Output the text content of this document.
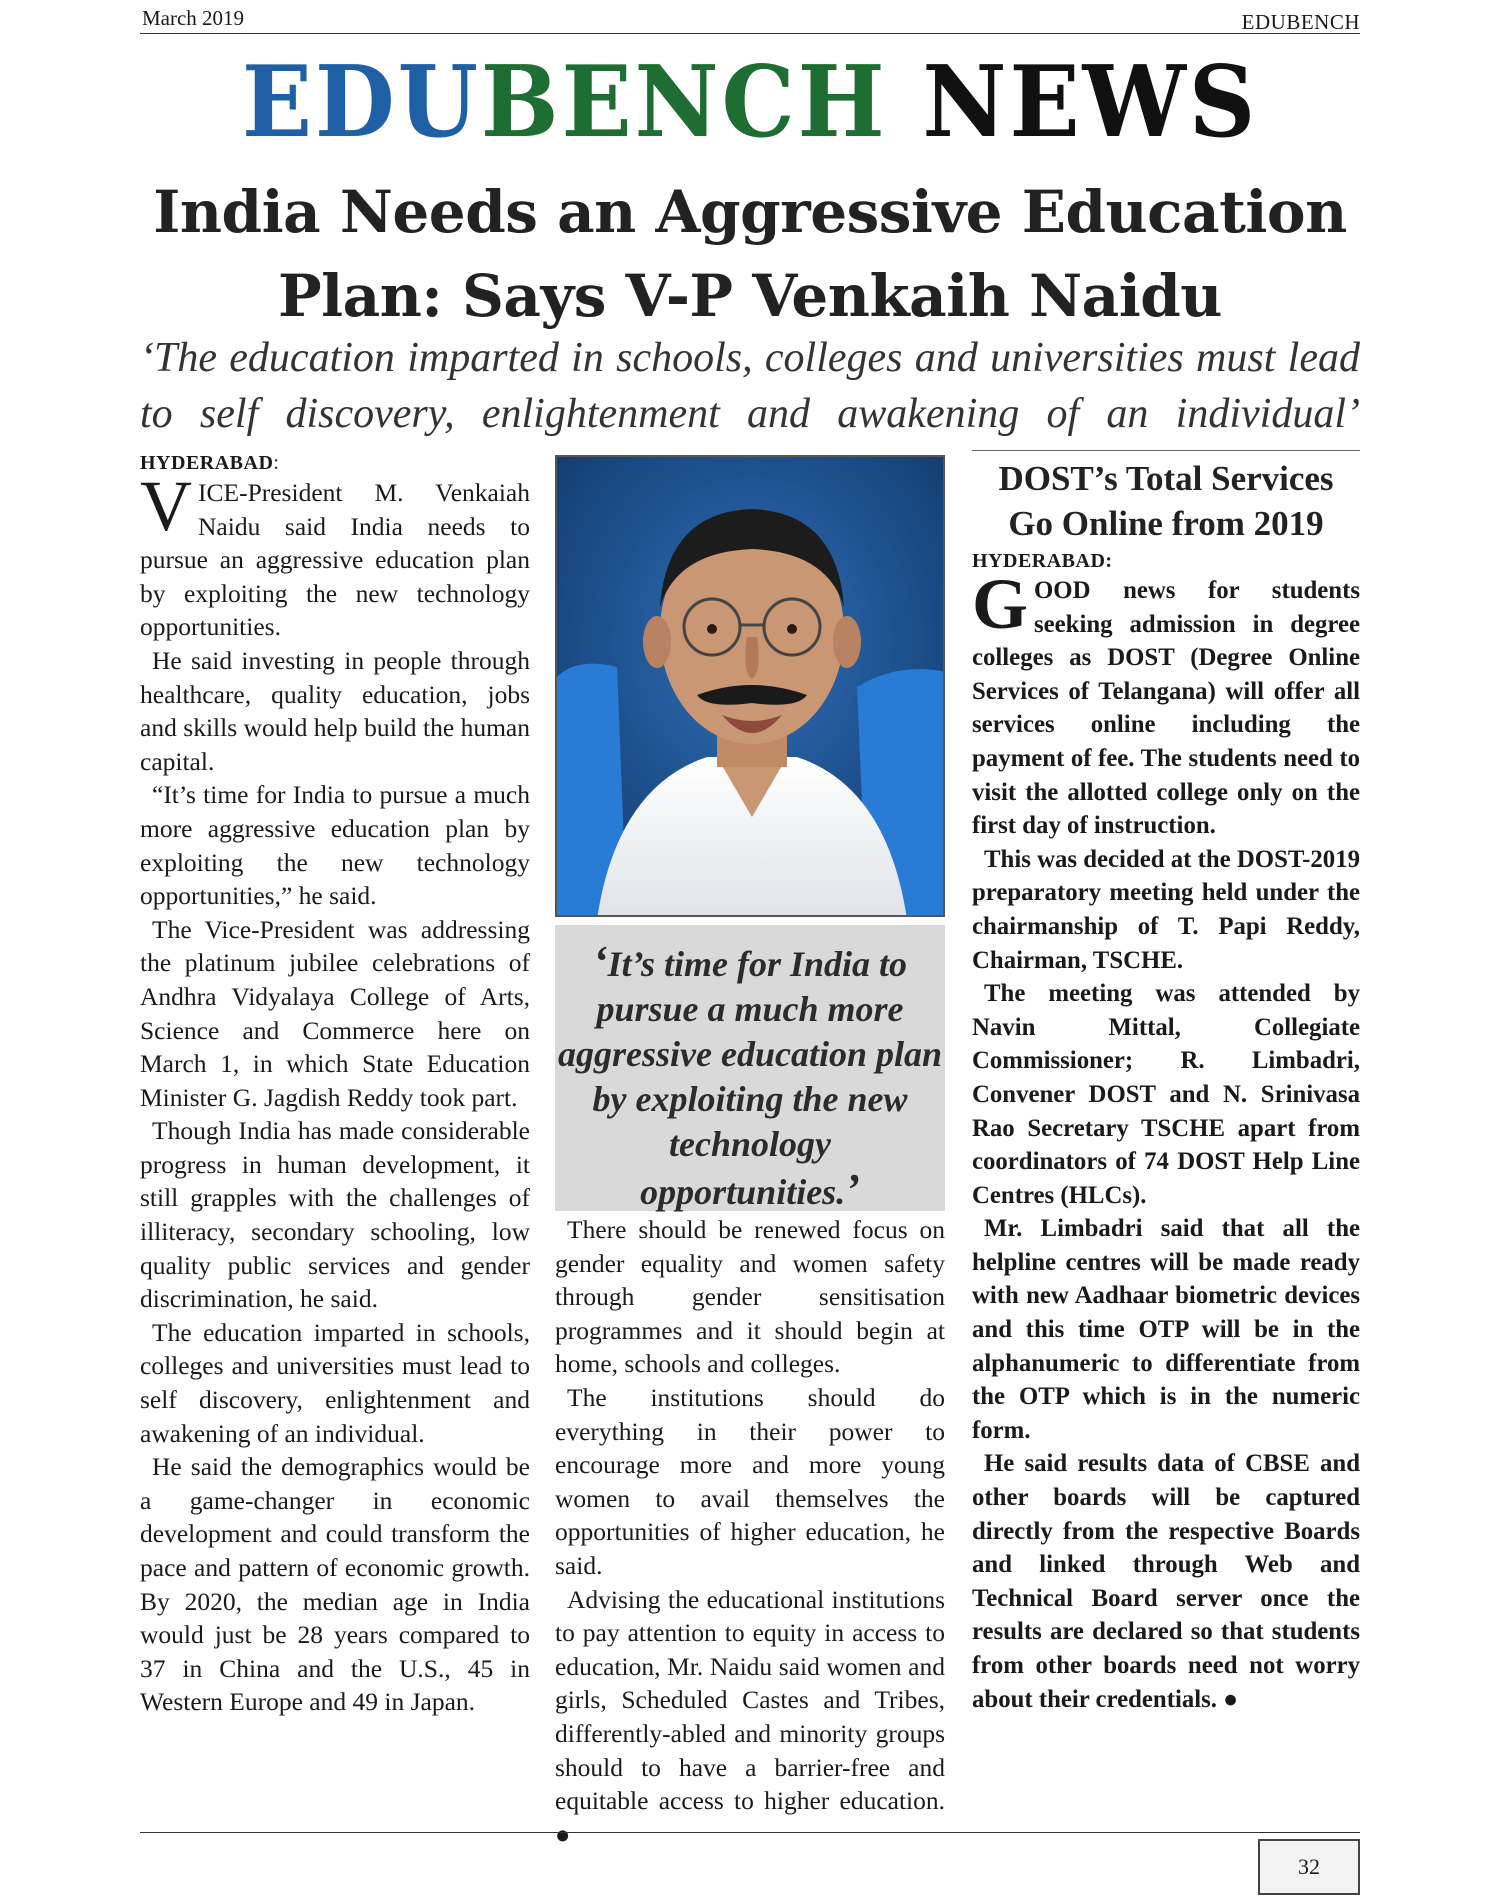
March 2019	EDUBENCH
EDUBENCH NEWS
India Needs an Aggressive Education
Plan: Says V-P Venkaih Naidu
‘The education imparted in schools, colleges and universities must lead to self discovery, enlightenment and awakening of an individual’
HYDERABAD:

VICE-President M. Venkaiah Naidu said India needs to pursue an aggressive education plan by exploiting the new technology opportunities.

He said investing in people through healthcare, quality education, jobs and skills would help build the human capital.

“It’s time for India to pursue a much more aggressive education plan by exploiting the new technology opportunities,” he said.

The Vice-President was addressing the platinum jubilee celebrations of Andhra Vidyalaya College of Arts, Science and Commerce here on March 1, in which State Education Minister G. Jagdish Reddy took part.

Though India has made considerable progress in human development, it still grapples with the challenges of illiteracy, secondary schooling, low quality public services and gender discrimination, he said.

The education imparted in schools, colleges and universities must lead to self discovery, enlightenment and awakening of an individual.

He said the demographics would be a game-changer in economic development and could transform the pace and pattern of economic growth. By 2020, the median age in India would just be 28 years compared to 37 in China and the U.S., 45 in Western Europe and 49 in Japan.

‘It’s time for India to pursue a much more aggressive education plan by exploiting the new technology opportunities.’

There should be renewed focus on gender equality and women safety through gender sensitisation programmes and it should begin at home, schools and colleges.

The institutions should do everything in their power to encourage more and more young women to avail themselves the opportunities of higher education, he said.

Advising the educational institutions to pay attention to equity in access to education, Mr. Naidu said women and girls, Scheduled Castes and Tribes, differently-abled and minority groups should to have a barrier-free and equitable access to higher education. ●

DOST’s Total Services Go Online from 2019
HYDERABAD:

GOOD news for students seeking admission in degree colleges as DOST (Degree Online Services of Telangana) will offer all services online including the payment of fee. The students need to visit the allotted college only on the first day of instruction.

This was decided at the DOST-2019 preparatory meeting held under the chairmanship of T. Papi Reddy, Chairman, TSCHE.

The meeting was attended by Navin Mittal, Collegiate Commissioner; R. Limbadri, Convener DOST and N. Srinivasa Rao Secretary TSCHE apart from coordinators of 74 DOST Help Line Centres (HLCs).

Mr. Limbadri said that all the helpline centres will be made ready with new Aadhaar biometric devices and this time OTP will be in the alphanumeric to differentiate from the OTP which is in the numeric form.

He said results data of CBSE and other boards will be captured directly from the respective Boards and linked through Web and Technical Board server once the results are declared so that students from other boards need not worry about their credentials. ●

32
